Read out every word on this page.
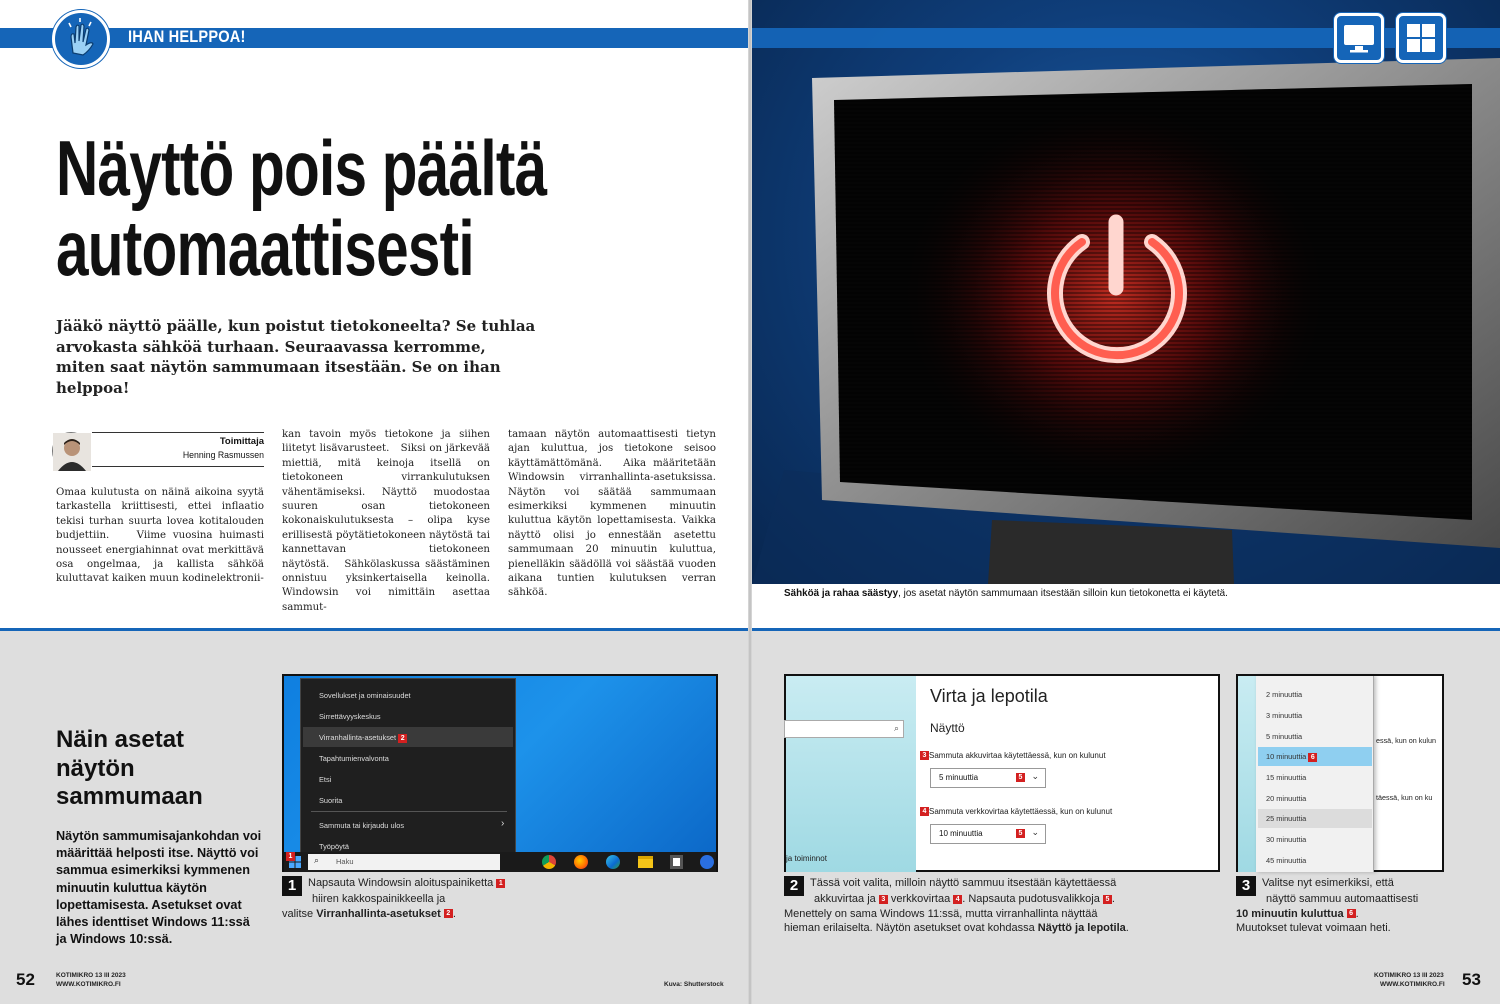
IHAN HELPPOA!
Näyttö pois päältä
automaattisesti
Jääkö näyttö päälle, kun poistut tietokoneelta? Se tuhlaa arvokasta sähköä turhaan. Seuraavassa kerromme, miten saat näytön sammumaan itsestään. Se on ihan helppoa!
Toimittaja
Henning Rasmussen
Omaa kulutusta on näinä aikoina syytä tarkastella kriittisesti, ettei inflaatio tekisi turhan suurta lovea kotitalouden budjettiin.    Viime vuosina huimasti nousseet energiahinnat ovat merkittävä osa ongelmaa, ja kallista sähköä kuluttavat kaiken muun kodinelektronii-
kan tavoin myös tietokone ja siihen liitetyt lisävarusteet.   Siksi on järkevää miettiä, mitä keinoja itsellä on tietokoneen virrankulutuksen vähentämiseksi. Näyttö muodostaa suuren osan tietokoneen kokonaiskulutuksesta – olipa kyse erillisestä pöytätietokoneen näytöstä tai kannettavan tietokoneen näytöstä.   Sähkölaskussa säästäminen onnistuu yksinkertaisella keinolla. Windowsin voi nimittäin asettaa sammut-
tamaan näytön automaattisesti tietyn ajan kuluttua, jos tietokone seisoo käyttämättömänä.   Aika määritetään Windowsin virranhallinta-asetuksissa. Näytön voi säätää sammumaan esimerkiksi kymmenen minuutin kuluttua käytön lopettamisesta. Vaikka näyttö olisi jo ennestään asetettu sammumaan 20 minuutin kuluttua, pienelläkin säädöllä voi säästää vuoden aikana tuntien kulutuksen verran sähköä.	Sähköä ja rahaa säästyy, jos asetat näytön sammumaan itsestään silloin kun tietokonetta ei käytetä.
Näin asetat näytön sammumaan
Näytön sammumisajankohdan voi määrittää helposti itse. Näyttö voi sammua esimerkiksi kymmenen minuutin kuluttua käytön lopettamisesta. Asetukset ovat lähes identtiset Windows 11:ssä ja Windows 10:ssä.
Sovellukset ja ominaisuudet
Sirrettävyyskeskus
Virranhallinta-asetukset 2
Tapahtumienvalvonta
Etsi
Suorita
Sammuta tai kirjaudu ulos	›
Työpöytä
1 ⌕ Haku
1 Napsauta Windowsin aloituspainiketta 1
hiiren kakkospainikkeella ja
valitse Virranhallinta-asetukset 2 .
⌕
ja toiminnot
Virta ja lepotila
Näyttö
3 Sammuta akkuvirtaa käytettäessä, kun on kulunut
5 minuuttia	5 ⌄
4 Sammuta verkkovirtaa käytettäessä, kun on kulunut
10 minuuttia	5 ⌄
2 Tässä voit valita, milloin näyttö sammuu itsestään käytettäessä
akkuvirtaa ja 3 verkkovirtaa 4 . Napsauta pudotusvalikkoja 5 .
Menettely on sama Windows 11:ssä, mutta virranhallinta näyttää
hieman erilaiselta. Näytön asetukset ovat kohdassa Näyttö ja lepotila.
2 minuuttia
3 minuuttia
5 minuuttia
10 minuuttia 6
15 minuuttia
20 minuuttia
25 minuuttia
30 minuuttia
45 minuuttia
essä, kun on kulun
täessä, kun on ku
3 Valitse nyt esimerkiksi, että
näyttö sammuu automaattisesti
10 minuutin kuluttua 6 .
Muutokset tulevat voimaan heti.
52	KOTIMIKRO 13 III 2023
WWW.KOTIMIKRO.FI	Kuva: Shutterstock
KOTIMIKRO 13 III 2023
WWW.KOTIMIKRO.FI 53
